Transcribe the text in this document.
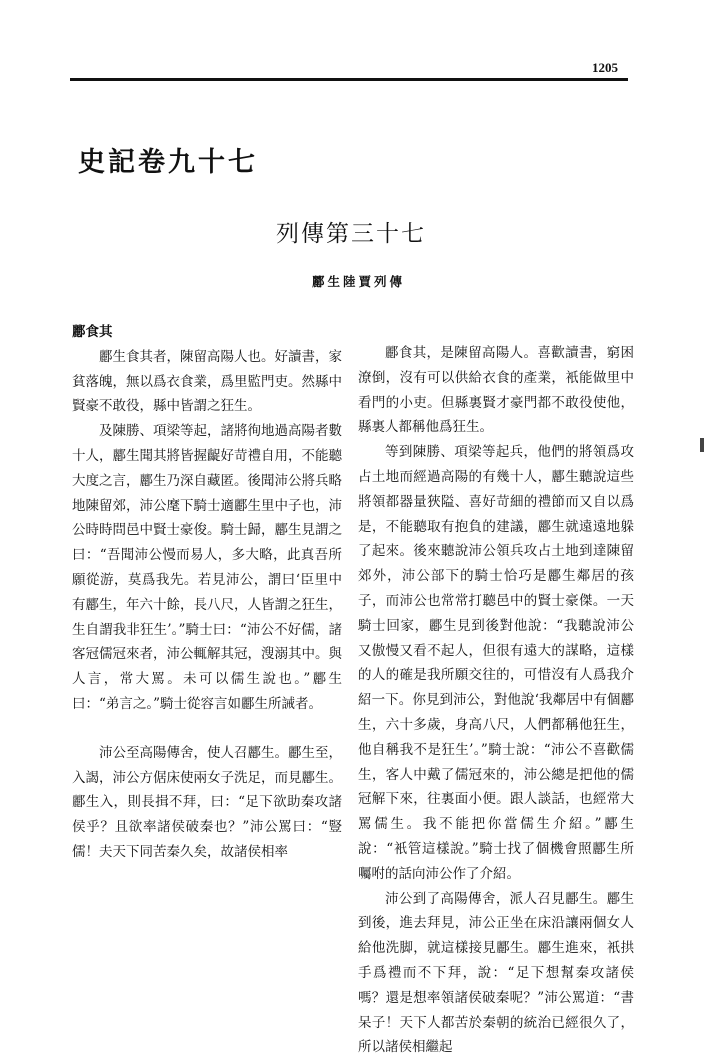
1205
史記卷九十七
列傳第三十七
酈生陸賈列傳

酈食其

酈生食其者，陳留高陽人也。好讀書，家貧落魄，無以爲衣食業，爲里監門吏。然縣中賢豪不敢役，縣中皆謂之狂生。

及陳勝、項梁等起，諸將徇地過高陽者數十人，酈生聞其將皆握齪好苛禮自用，不能聽大度之言，酈生乃深自藏匿。後聞沛公將兵略地陳留郊，沛公麾下騎士適酈生里中子也，沛公時時問邑中賢士豪俊。騎士歸，酈生見謂之曰：“吾聞沛公慢而易人，多大略，此真吾所願從游，莫爲我先。若見沛公，謂曰‘臣里中有酈生，年六十餘，長八尺，人皆謂之狂生，生自謂我非狂生’。”騎士曰：“沛公不好儒，諸客冠儒冠來者，沛公輒解其冠，溲溺其中。與人言，常大罵。未可以儒生說也。”酈生曰：“弟言之。”騎士從容言如酈生所誡者。

沛公至高陽傳舍，使人召酈生。酈生至，入謁，沛公方倨床使兩女子洗足，而見酈生。酈生入，則長揖不拜，曰：“足下欲助秦攻諸侯乎？且欲率諸侯破秦也？”沛公罵曰：“豎儒！夫天下同苦秦久矣，故諸侯相率

酈食其，是陳留高陽人。喜歡讀書，窮困潦倒，沒有可以供給衣食的產業，衹能做里中看門的小吏。但縣裏賢才豪門都不敢役使他，縣裏人都稱他爲狂生。

等到陳勝、項梁等起兵，他們的將領爲攻占土地而經過高陽的有幾十人，酈生聽說這些將領都器量狹隘、喜好苛細的禮節而又自以爲是，不能聽取有抱負的建議，酈生就遠遠地躲了起來。後來聽說沛公領兵攻占土地到達陳留郊外，沛公部下的騎士恰巧是酈生鄰居的孩子，而沛公也常常打聽邑中的賢士豪傑。一天騎士回家，酈生見到後對他說：“我聽說沛公又傲慢又看不起人，但很有遠大的謀略，這樣的人的確是我所願交往的，可惜沒有人爲我介紹一下。你見到沛公，對他說‘我鄰居中有個酈生，六十多歲，身高八尺，人們都稱他狂生，他自稱我不是狂生’。”騎士說：“沛公不喜歡儒生，客人中戴了儒冠來的，沛公總是把他的儒冠解下來，往裏面小便。跟人談話，也經常大罵儒生。我不能把你當儒生介紹。”酈生說：“衹管這樣說。”騎士找了個機會照酈生所囑咐的話向沛公作了介紹。

沛公到了高陽傳舍，派人召見酈生。酈生到後，進去拜見，沛公正坐在床沿讓兩個女人給他洗脚，就這樣接見酈生。酈生進來，衹拱手爲禮而不下拜，說：“足下想幫秦攻諸侯嗎？還是想率領諸侯破秦呢？”沛公罵道：“書呆子！天下人都苦於秦朝的統治已經很久了，所以諸侯相繼起
